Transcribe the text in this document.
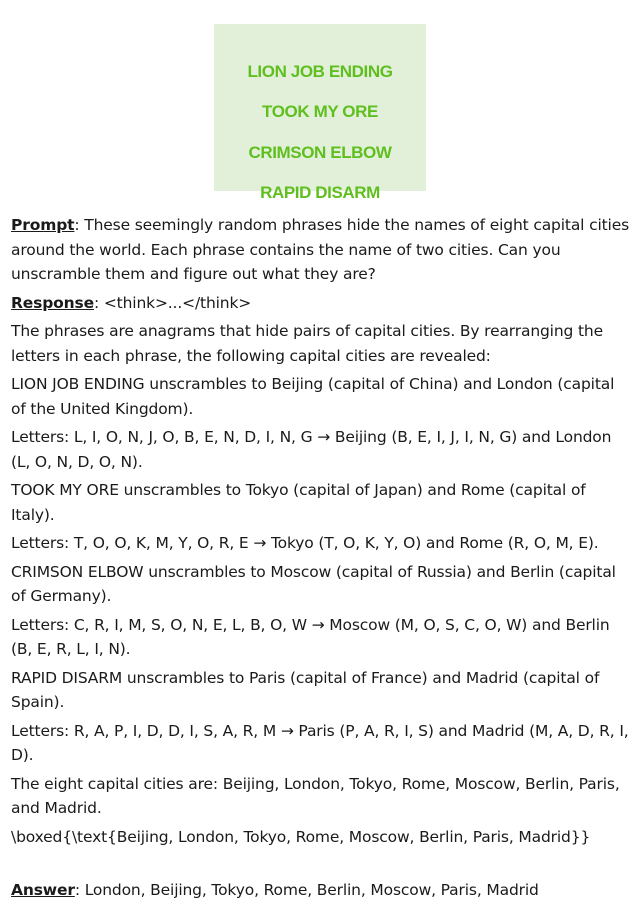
LION JOB ENDING
TOOK MY ORE
CRIMSON ELBOW
RAPID DISARM

Prompt: These seemingly random phrases hide the names of eight capital cities around the world. Each phrase contains the name of two cities. Can you unscramble them and figure out what they are?

Response: <think>...</think>

The phrases are anagrams that hide pairs of capital cities. By rearranging the letters in each phrase, the following capital cities are revealed:

LION JOB ENDING unscrambles to Beijing (capital of China) and London (capital of the United Kingdom).

Letters: L, I, O, N, J, O, B, E, N, D, I, N, G → Beijing (B, E, I, J, I, N, G) and London (L, O, N, D, O, N).

TOOK MY ORE unscrambles to Tokyo (capital of Japan) and Rome (capital of Italy).

Letters: T, O, O, K, M, Y, O, R, E → Tokyo (T, O, K, Y, O) and Rome (R, O, M, E).

CRIMSON ELBOW unscrambles to Moscow (capital of Russia) and Berlin (capital of Germany).

Letters: C, R, I, M, S, O, N, E, L, B, O, W → Moscow (M, O, S, C, O, W) and Berlin (B, E, R, L, I, N).

RAPID DISARM unscrambles to Paris (capital of France) and Madrid (capital of Spain).

Letters: R, A, P, I, D, D, I, S, A, R, M → Paris (P, A, R, I, S) and Madrid (M, A, D, R, I, D).

The eight capital cities are: Beijing, London, Tokyo, Rome, Moscow, Berlin, Paris, and Madrid.

\boxed{\text{Beijing, London, Tokyo, Rome, Moscow, Berlin, Paris, Madrid}}

Answer: London, Beijing, Tokyo, Rome, Berlin, Moscow, Paris, Madrid
